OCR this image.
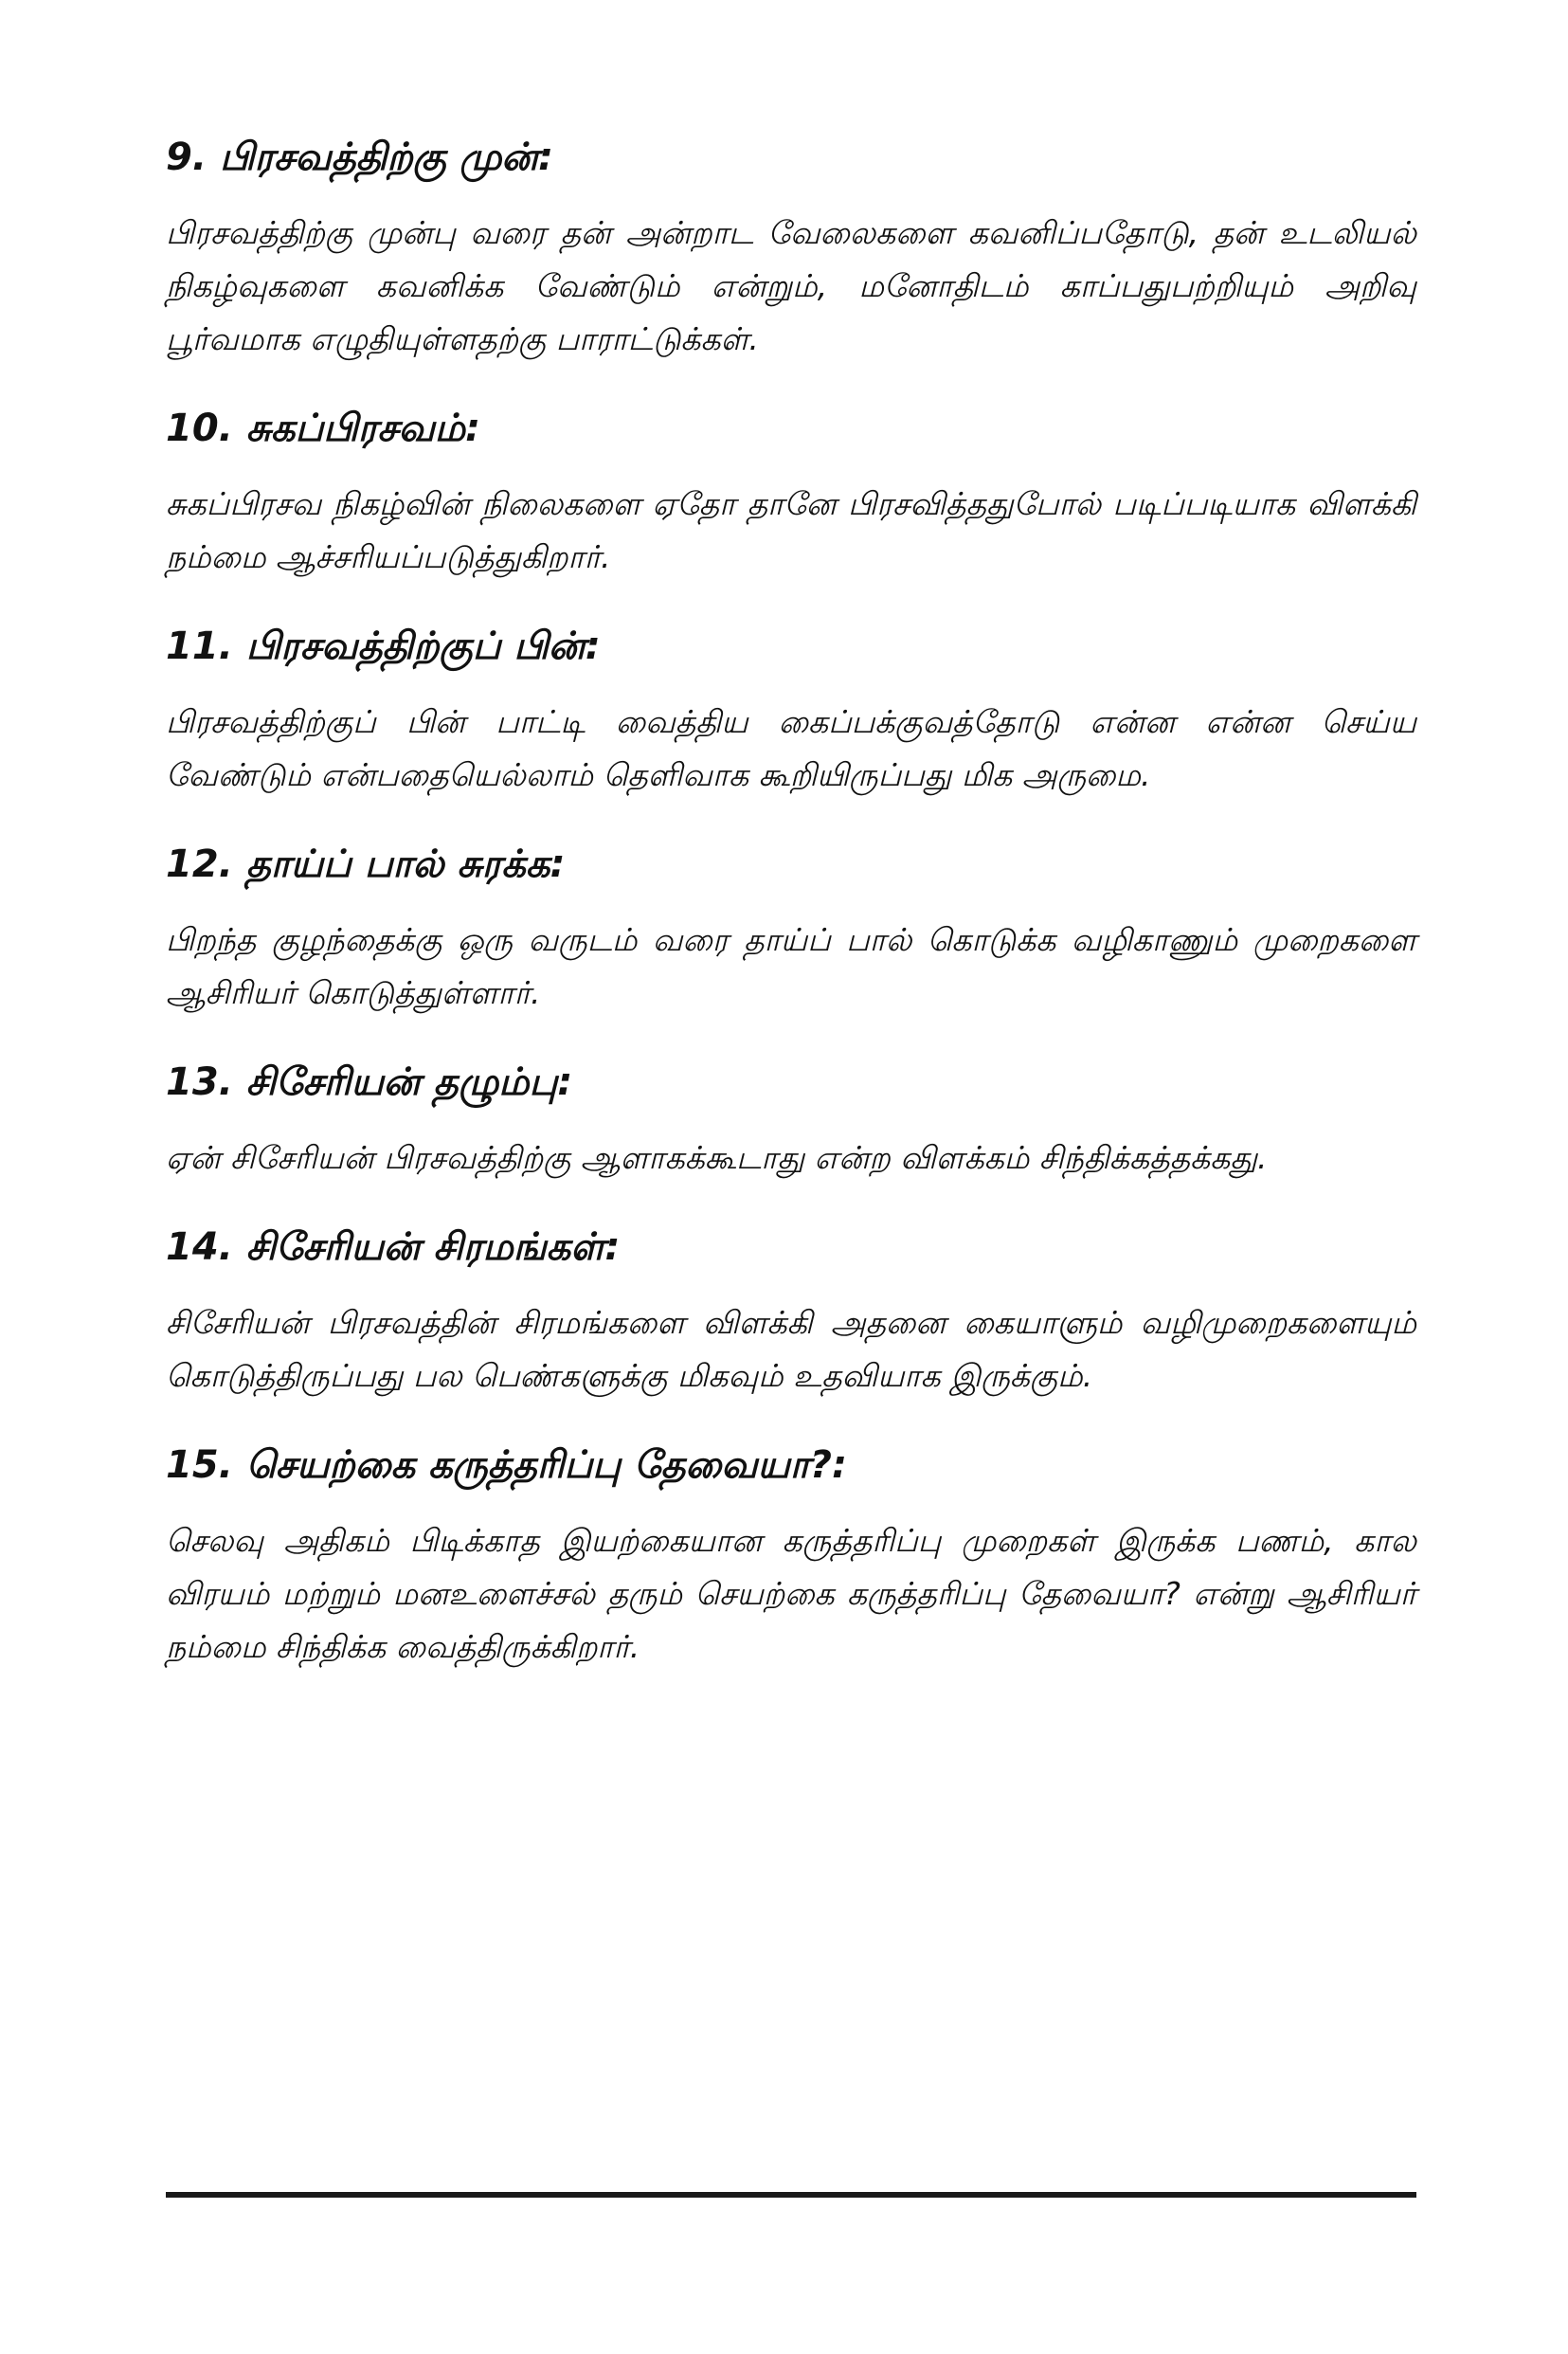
9. பிரசவத்திற்கு முன்:

பிரசவத்திற்கு முன்பு வரை தன் அன்றாட வேலைகளை கவனிப்பதோடு, தன் உடலியல் நிகழ்வுகளை கவனிக்க வேண்டும் என்றும், மனோதிடம் காப்பதுபற்றியும் அறிவு பூர்வமாக எழுதியுள்ளதற்கு பாராட்டுக்கள்.

10. சுகப்பிரசவம்:

சுகப்பிரசவ நிகழ்வின் நிலைகளை ஏதோ தானே பிரசவித்ததுபோல் படிப்படியாக விளக்கி நம்மை ஆச்சரியப்படுத்துகிறார்.

11. பிரசவத்திற்குப் பின்:

பிரசவத்திற்குப் பின் பாட்டி வைத்திய கைப்பக்குவத்தோடு என்ன என்ன செய்ய வேண்டும் என்பதையெல்லாம் தெளிவாக கூறியிருப்பது மிக அருமை.

12. தாய்ப் பால் சுரக்க:

பிறந்த குழந்தைக்கு ஒரு வருடம் வரை தாய்ப் பால் கொடுக்க வழிகாணும் முறைகளை ஆசிரியர் கொடுத்துள்ளார்.

13. சிசேரியன் தழும்பு:

ஏன் சிசேரியன் பிரசவத்திற்கு ஆளாகக்கூடாது என்ற விளக்கம் சிந்திக்கத்தக்கது.

14. சிசேரியன் சிரமங்கள்:

சிசேரியன் பிரசவத்தின் சிரமங்களை விளக்கி அதனை கையாளும் வழிமுறைகளையும் கொடுத்திருப்பது பல பெண்களுக்கு மிகவும் உதவியாக இருக்கும்.

15. செயற்கை கருத்தரிப்பு தேவையா?:

செலவு அதிகம் பிடிக்காத இயற்கையான கருத்தரிப்பு முறைகள் இருக்க பணம், கால விரயம் மற்றும் மனஉளைச்சல் தரும் செயற்கை கருத்தரிப்பு தேவையா? என்று ஆசிரியர் நம்மை சிந்திக்க வைத்திருக்கிறார்.
